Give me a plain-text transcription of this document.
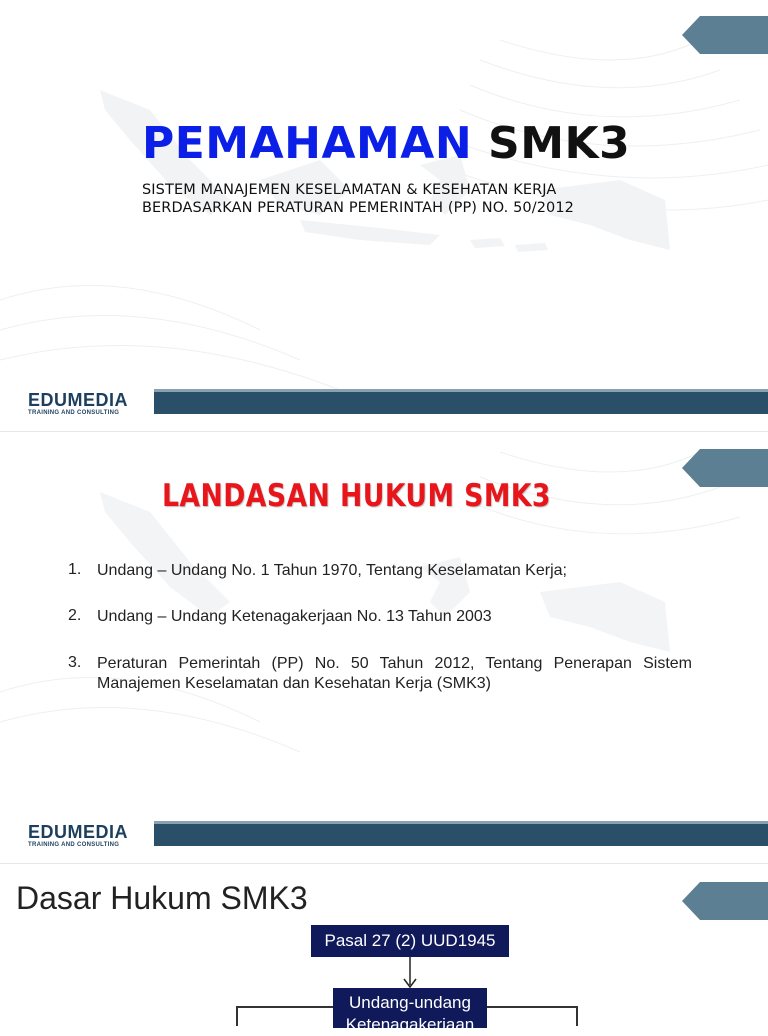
PEMAHAMAN SMK3
SISTEM MANAJEMEN KESELAMATAN & KESEHATAN KERJA
BERDASARKAN PERATURAN PEMERINTAH (PP) NO. 50/2012
EDUMEDIA
TRAINING AND CONSULTING
EDUMEDIA
TRAINING AND CONSULTING
LANDASAN HUKUM SMK3
1. Undang – Undang No. 1 Tahun 1970, Tentang Keselamatan Kerja;
2. Undang – Undang Ketenagakerjaan No. 13 Tahun 2003
3. Peraturan Pemerintah (PP) No. 50 Tahun 2012, Tentang Penerapan Sistem Manajemen Keselamatan dan Kesehatan Kerja (SMK3)
Dasar Hukum SMK3
Pasal 27 (2) UUD1945
Undang-undang
Ketenagakerjaan
